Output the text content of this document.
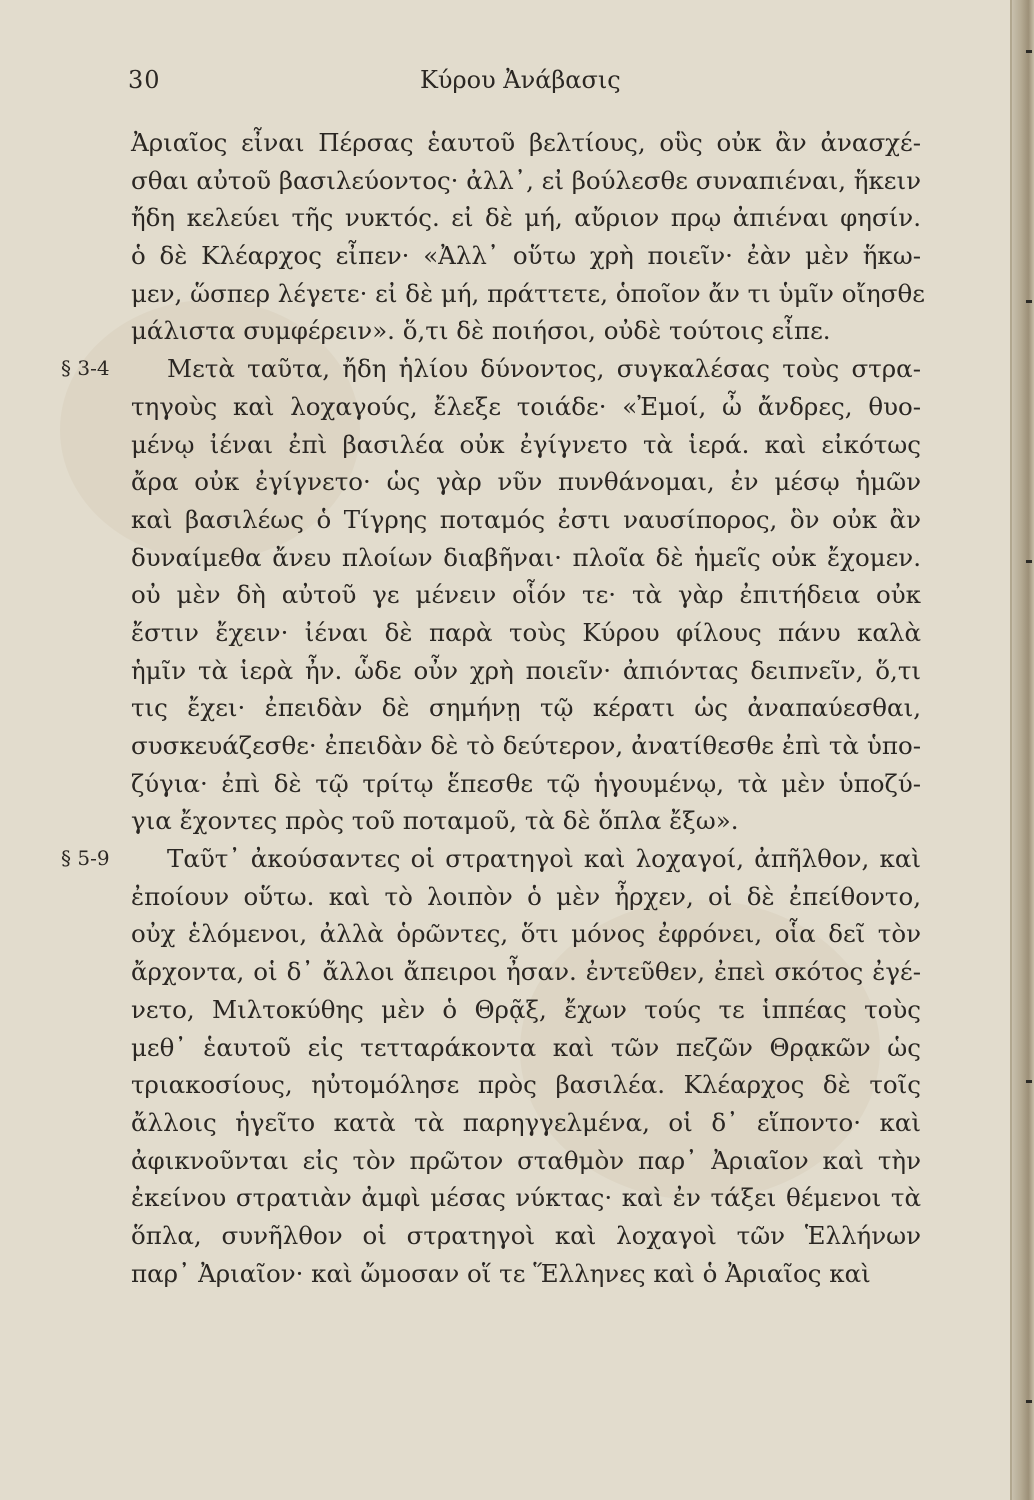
30	Κύρου Ἀνάβασις
Ἀριαῖος εἶναι Πέρσας ἑαυτοῦ βελτίους, οὓς οὐκ ἂν ἀνασχέ-
σθαι αὐτοῦ βασιλεύοντος· ἀλλ᾽, εἰ βούλεσθε συναπιέναι, ἥκειν
ἤδη κελεύει τῆς νυκτός. εἰ δὲ μή, αὔριον πρῳ ἀπιέναι φησίν.
ὁ δὲ Κλέαρχος εἶπεν· «Ἀλλ᾽ οὕτω χρὴ ποιεῖν· ἐὰν μὲν ἥκω-
μεν, ὥσπερ λέγετε· εἰ δὲ μή, πράττετε, ὁποῖον ἄν τι ὑμῖν οἴησθε
μάλιστα συμφέρειν». ὅ,τι δὲ ποιήσοι, οὐδὲ τούτοις εἶπε.
§ 3-4 Μετὰ ταῦτα, ἤδη ἡλίου δύνοντος, συγκαλέσας τοὺς στρα-
τηγοὺς καὶ λοχαγούς, ἔλεξε τοιάδε· «Ἐμοί, ὦ ἄνδρες, θυο-
μένῳ ἰέναι ἐπὶ βασιλέα οὐκ ἐγίγνετο τὰ ἱερά. καὶ εἰκότως
ἄρα οὐκ ἐγίγνετο· ὡς γὰρ νῦν πυνθάνομαι, ἐν μέσῳ ἡμῶν
καὶ βασιλέως ὁ Τίγρης ποταμός ἐστι ναυσίπορος, ὃν οὐκ ἂν
δυναίμεθα ἄνευ πλοίων διαβῆναι· πλοῖα δὲ ἡμεῖς οὐκ ἔχομεν.
οὐ μὲν δὴ αὐτοῦ γε μένειν οἷόν τε· τὰ γὰρ ἐπιτήδεια οὐκ
ἔστιν ἔχειν· ἰέναι δὲ παρὰ τοὺς Κύρου φίλους πάνυ καλὰ
ἡμῖν τὰ ἱερὰ ἦν. ὧδε οὖν χρὴ ποιεῖν· ἀπιόντας δειπνεῖν, ὅ,τι
τις ἔχει· ἐπειδὰν δὲ σημήνῃ τῷ κέρατι ὡς ἀναπαύεσθαι,
συσκευάζεσθε· ἐπειδὰν δὲ τὸ δεύτερον, ἀνατίθεσθε ἐπὶ τὰ ὑπο-
ζύγια· ἐπὶ δὲ τῷ τρίτῳ ἕπεσθε τῷ ἡγουμένῳ, τὰ μὲν ὑποζύ-
για ἔχοντες πρὸς τοῦ ποταμοῦ, τὰ δὲ ὅπλα ἔξω».
§ 5-9 Ταῦτ᾽ ἀκούσαντες οἱ στρατηγοὶ καὶ λοχαγοί, ἀπῆλθον, καὶ
ἐποίουν οὕτω. καὶ τὸ λοιπὸν ὁ μὲν ἦρχεν, οἱ δὲ ἐπείθοντο,
οὐχ ἑλόμενοι, ἀλλὰ ὁρῶντες, ὅτι μόνος ἐφρόνει, οἷα δεῖ τὸν
ἄρχοντα, οἱ δ᾽ ἄλλοι ἄπειροι ἦσαν. ἐντεῦθεν, ἐπεὶ σκότος ἐγέ-
νετο, Μιλτοκύθης μὲν ὁ Θρᾷξ, ἔχων τούς τε ἱππέας τοὺς
μεθ᾽ ἑαυτοῦ εἰς τετταράκοντα καὶ τῶν πεζῶν Θρᾳκῶν ὡς
τριακοσίους, ηὐτομόλησε πρὸς βασιλέα. Κλέαρχος δὲ τοῖς
ἄλλοις ἡγεῖτο κατὰ τὰ παρηγγελμένα, οἱ δ᾽ εἵποντο· καὶ
ἀφικνοῦνται εἰς τὸν πρῶτον σταθμὸν παρ᾽ Ἀριαῖον καὶ τὴν
ἐκείνου στρατιὰν ἀμφὶ μέσας νύκτας· καὶ ἐν τάξει θέμενοι τὰ
ὅπλα, συνῆλθον οἱ στρατηγοὶ καὶ λοχαγοὶ τῶν Ἑλλήνων
παρ᾽ Ἀριαῖον· καὶ ὤμοσαν οἵ τε Ἕλληνες καὶ ὁ Ἀριαῖος καὶ
